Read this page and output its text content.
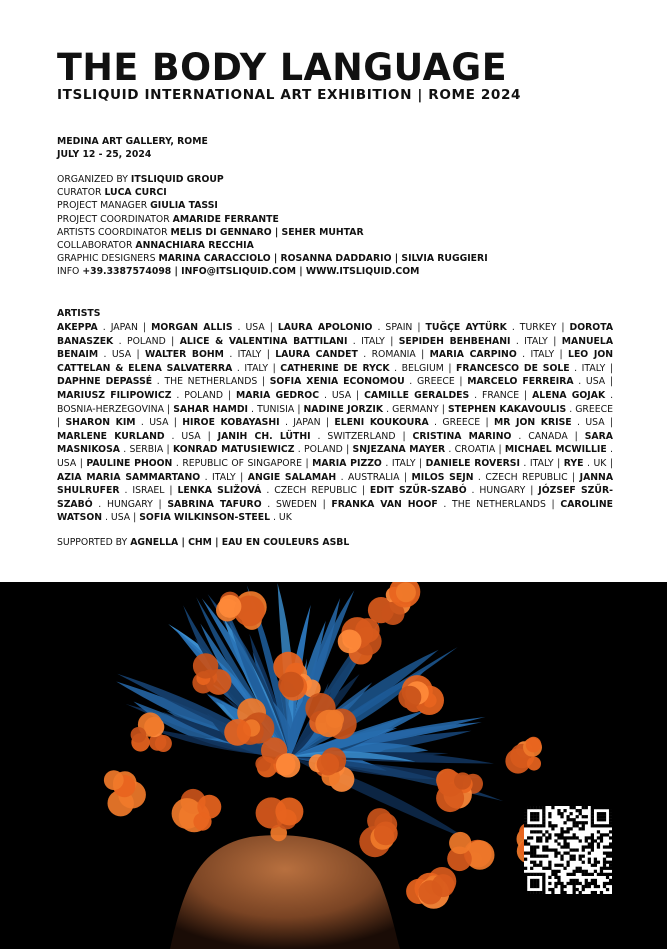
THE BODY LANGUAGE
ITSLIQUID INTERNATIONAL ART EXHIBITION | ROME 2024
MEDINA ART GALLERY, ROME
JULY 12 - 25, 2024
ORGANIZED BY ITSLIQUID GROUP
CURATOR LUCA CURCI
PROJECT MANAGER GIULIA TASSI
PROJECT COORDINATOR AMARIDE FERRANTE
ARTISTS COORDINATOR MELIS DI GENNARO | SEHER MUHTAR
COLLABORATOR ANNACHIARA RECCHIA
GRAPHIC DESIGNERS MARINA CARACCIOLO | ROSANNA DADDARIO | SILVIA RUGGIERI
INFO +39.3387574098 | INFO@ITSLIQUID.COM | WWW.ITSLIQUID.COM
ARTISTS
AKEPPA . JAPAN | MORGAN ALLIS . USA | LAURA APOLONIO . SPAIN | TUĞÇE AYTÜRK . TURKEY | DOROTA BANASZEK . POLAND | ALICE & VALENTINA BATTILANI . ITALY | SEPIDEH BEHBEHANI . ITALY | MANUELA BENAIM . USA | WALTER BOHM . ITALY | LAURA CANDET . ROMANIA | MARIA CARPINO . ITALY | LEO JON CATTELAN & ELENA SALVATERRA . ITALY | CATHERINE DE RYCK . BELGIUM | FRANCESCO DE SOLE . ITALY | DAPHNE DEPASSÉ . THE NETHERLANDS | SOFIA XENIA ECONOMOU . GREECE | MARCELO FERREIRA . USA | MARIUSZ FILIPOWICZ . POLAND | MARIA GEDROC . USA | CAMILLE GERALDES . FRANCE | ALENA GOJAK . BOSNIA-HERZEGOVINA | SAHAR HAMDI . TUNISIA | NADINE JORZIK . GERMANY | STEPHEN KAKAVOULIS . GREECE | SHARON KIM . USA | HIROE KOBAYASHI . JAPAN | ELENI KOUKOURA . GREECE | MR JON KRISE . USA | MARLENE KURLAND . USA | JANIH CH. LÜTHI . SWITZERLAND | CRISTINA MARINO . CANADA | SARA MASNIKOSA . SERBIA | KONRAD MATUSIEWICZ . POLAND | SNJEZANA MAYER . CROATIA | MICHAEL MCWILLIE . USA | PAULINE PHOON . REPUBLIC OF SINGAPORE | MARIA PIZZO . ITALY | DANIELE ROVERSI . ITALY | RYE . UK | AZIA MARIA SAMMARTANO . ITALY | ANGIE SALAMAH . AUSTRALIA | MILOS SEJN . CZECH REPUBLIC | JANNA SHULRUFER . ISRAEL | LENKA SLIŽOVÁ . CZECH REPUBLIC | EDIT SZŰR-SZABÓ . HUNGARY | JÓZSEF SZŰR-SZABÓ . HUNGARY | SABRINA TAFURO . SWEDEN | FRANKA VAN HOOF . THE NETHERLANDS | CAROLINE WATSON . USA | SOFIA WILKINSON-STEEL . UK
SUPPORTED BY AGNELLA | CHM | EAU EN COULEURS ASBL
